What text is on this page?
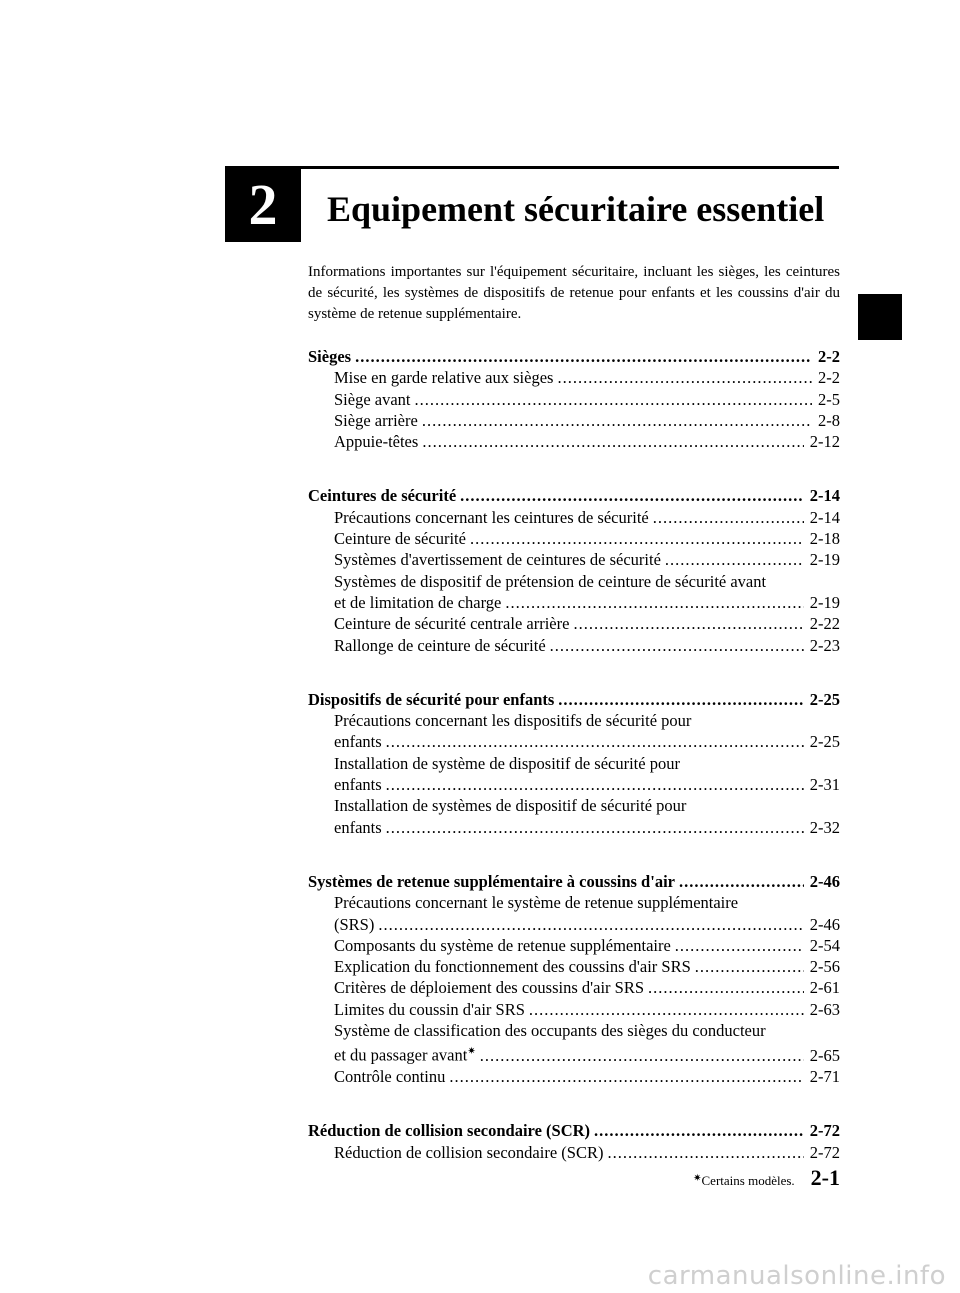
2 Equipement sécuritaire essentiel
Informations importantes sur l'équipement sécuritaire, incluant les sièges, les ceintures de sécurité, les systèmes de dispositifs de retenue pour enfants et les coussins d'air du système de retenue supplémentaire.
Sièges .....	2-2
Mise en garde relative aux sièges .....	2-2
Siège avant .....	2-5
Siège arrière .....	2-8
Appuie-têtes .....	2-12
Ceintures de sécurité .....	2-14
Précautions concernant les ceintures de sécurité .....	2-14
Ceinture de sécurité .....	2-18
Systèmes d'avertissement de ceintures de sécurité .....	2-19
Systèmes de dispositif de prétension de ceinture de sécurité avant
et de limitation de charge .....	2-19
Ceinture de sécurité centrale arrière .....	2-22
Rallonge de ceinture de sécurité .....	2-23
Dispositifs de sécurité pour enfants .....	2-25
Précautions concernant les dispositifs de sécurité pour
enfants .....	2-25
Installation de système de dispositif de sécurité pour
enfants .....	2-31
Installation de systèmes de dispositif de sécurité pour
enfants .....	2-32
Systèmes de retenue supplémentaire à coussins d'air .....	2-46
Précautions concernant le système de retenue supplémentaire
(SRS) .....	2-46
Composants du système de retenue supplémentaire .....	2-54
Explication du fonctionnement des coussins d'air SRS .....	2-56
Critères de déploiement des coussins d'air SRS .....	2-61
Limites du coussin d'air SRS .....	2-63
Système de classification des occupants des sièges du conducteur
et du passager avant✷ .....	2-65
Contrôle continu .....	2-71
Réduction de collision secondaire (SCR) .....	2-72
Réduction de collision secondaire (SCR) .....	2-72
✷Certains modèles. 2-1
carmanualsonline.info
